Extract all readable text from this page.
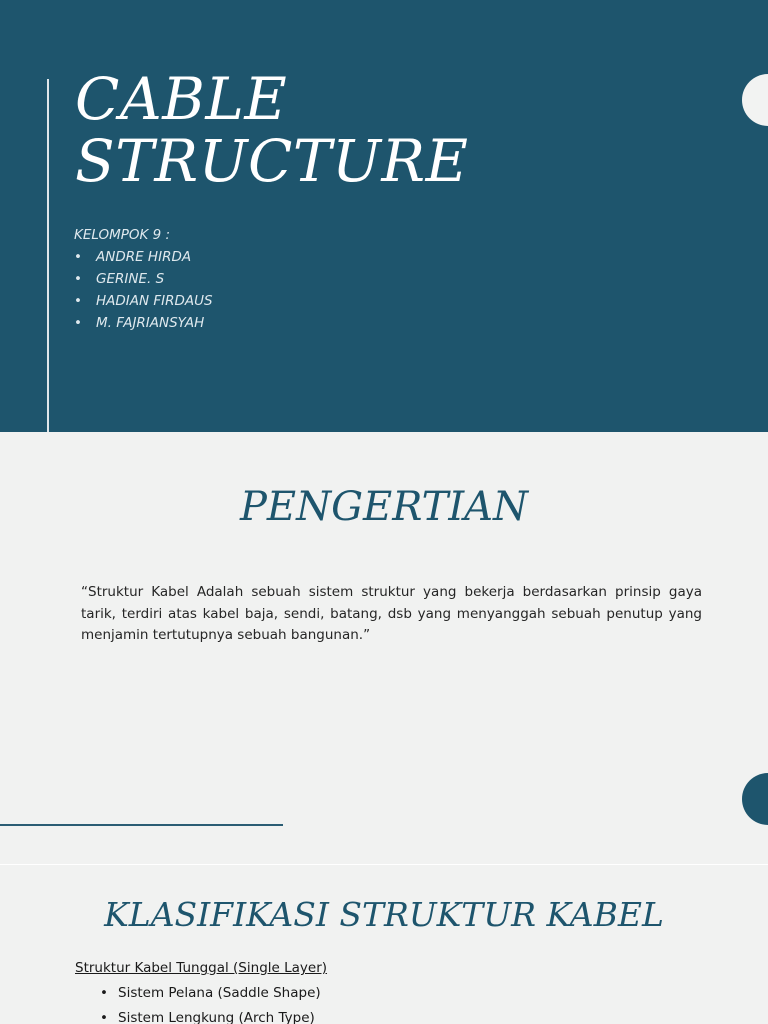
CABLE
STRUCTURE
KELOMPOK 9 :
• ANDRE HIRDA
• GERINE. S
• HADIAN FIRDAUS
• M. FAJRIANSYAH
PENGERTIAN

“Struktur Kabel Adalah sebuah sistem struktur yang bekerja berdasarkan prinsip gaya tarik, terdiri atas kabel baja, sendi, batang, dsb yang menyanggah sebuah penutup yang menjamin tertutupnya sebuah bangunan.”

KLASIFIKASI STRUKTUR KABEL
Struktur Kabel Tunggal (Single Layer)
• Sistem Pelana (Saddle Shape)
• Sistem Lengkung (Arch Type)
